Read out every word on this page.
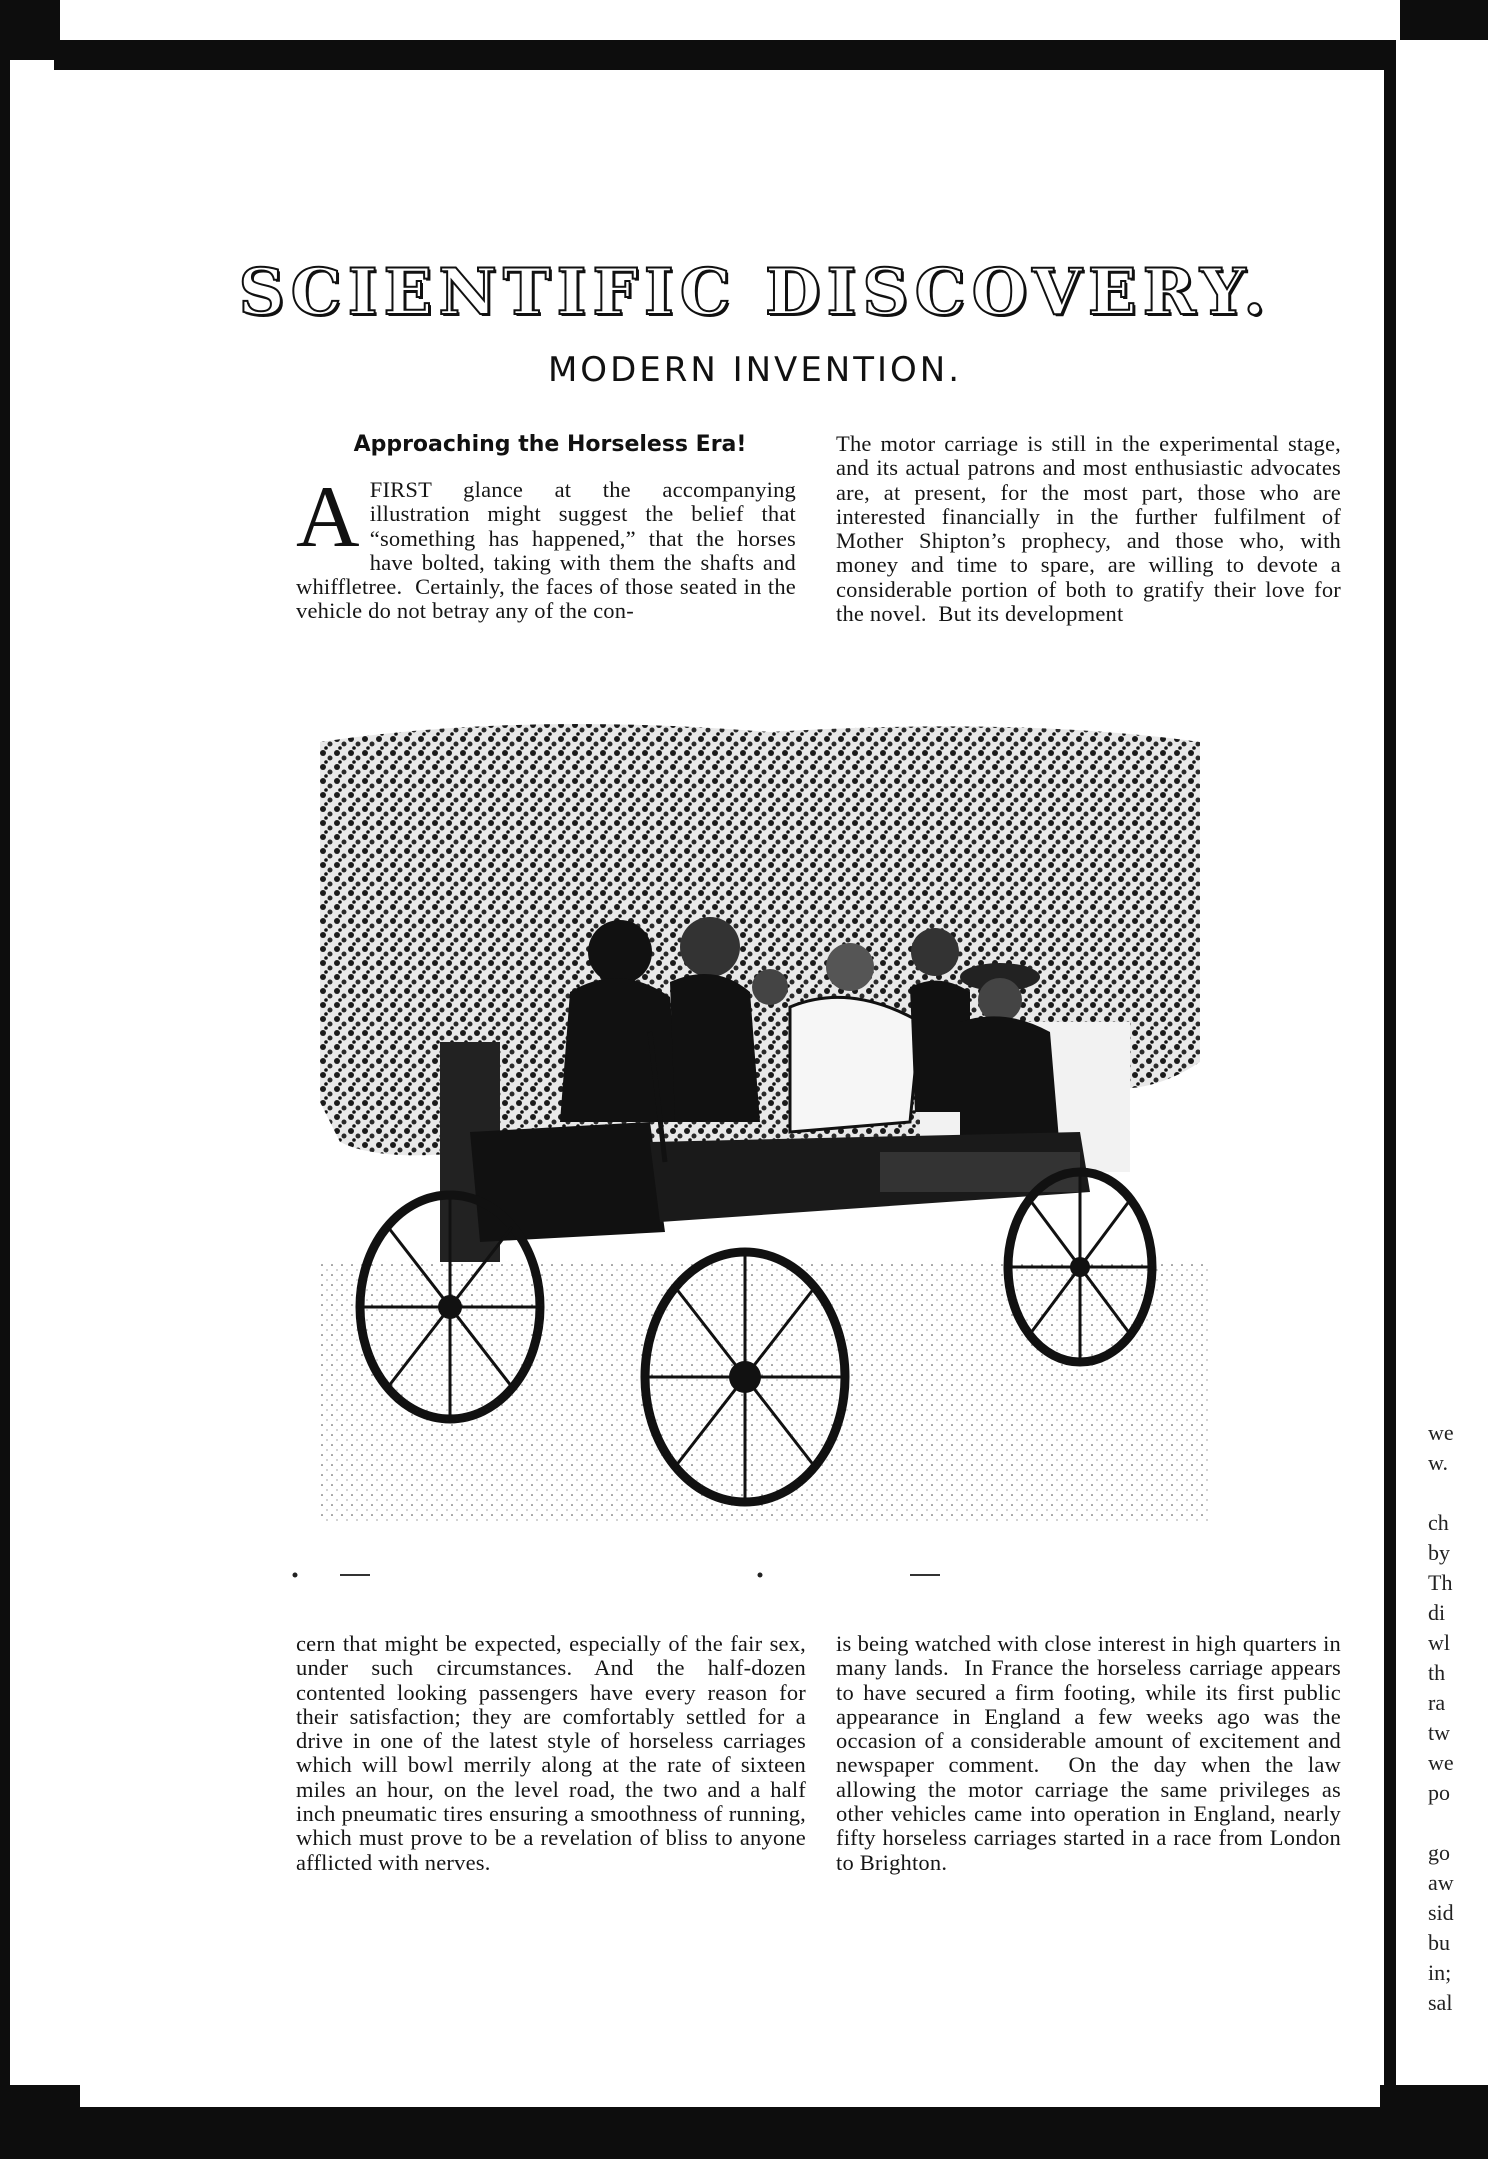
SCIENTIFIC DISCOVERY.
MODERN INVENTION.
Approaching the Horseless Era!
AFIRST glance at the accompanying illustration might suggest the belief that “something has happened,” that the horses have bolted, taking with them the shafts and whiffletree.  Certainly, the faces of those seated in the vehicle do not betray any of the con-
The motor carriage is still in the experimental stage, and its actual patrons and most enthusiastic advocates are, at present, for the most part, those who are interested financially in the further fulfilment of Mother Shipton’s prophecy, and those who, with money and time to spare, are willing to devote a considerable portion of both to gratify their love for the novel.  But its development
cern that might be expected, especially of the fair sex, under such circumstances. And the half-dozen contented looking passengers have every reason for their satisfaction; they are comfortably settled for a drive in one of the latest style of horseless carriages which will bowl merrily along at the rate of sixteen miles an hour, on the level road, the two and a half inch pneumatic tires ensuring a smoothness of running, which must prove to be a revelation of bliss to anyone afflicted with nerves.
is being watched with close interest in high quarters in many lands.  In France the horseless carriage appears to have secured a firm footing, while its first public appearance in England a few weeks ago was the occasion of a considerable amount of excitement and newspaper comment.  On the day when the law allowing the motor carriage the same privileges as other vehicles came into operation in England, nearly fifty horseless carriages started in a race from London to Brighton.
we
w.

ch
by
Th
di
wl
th
ra
tw
we
po

go
aw
sid
bu
in;
sal
